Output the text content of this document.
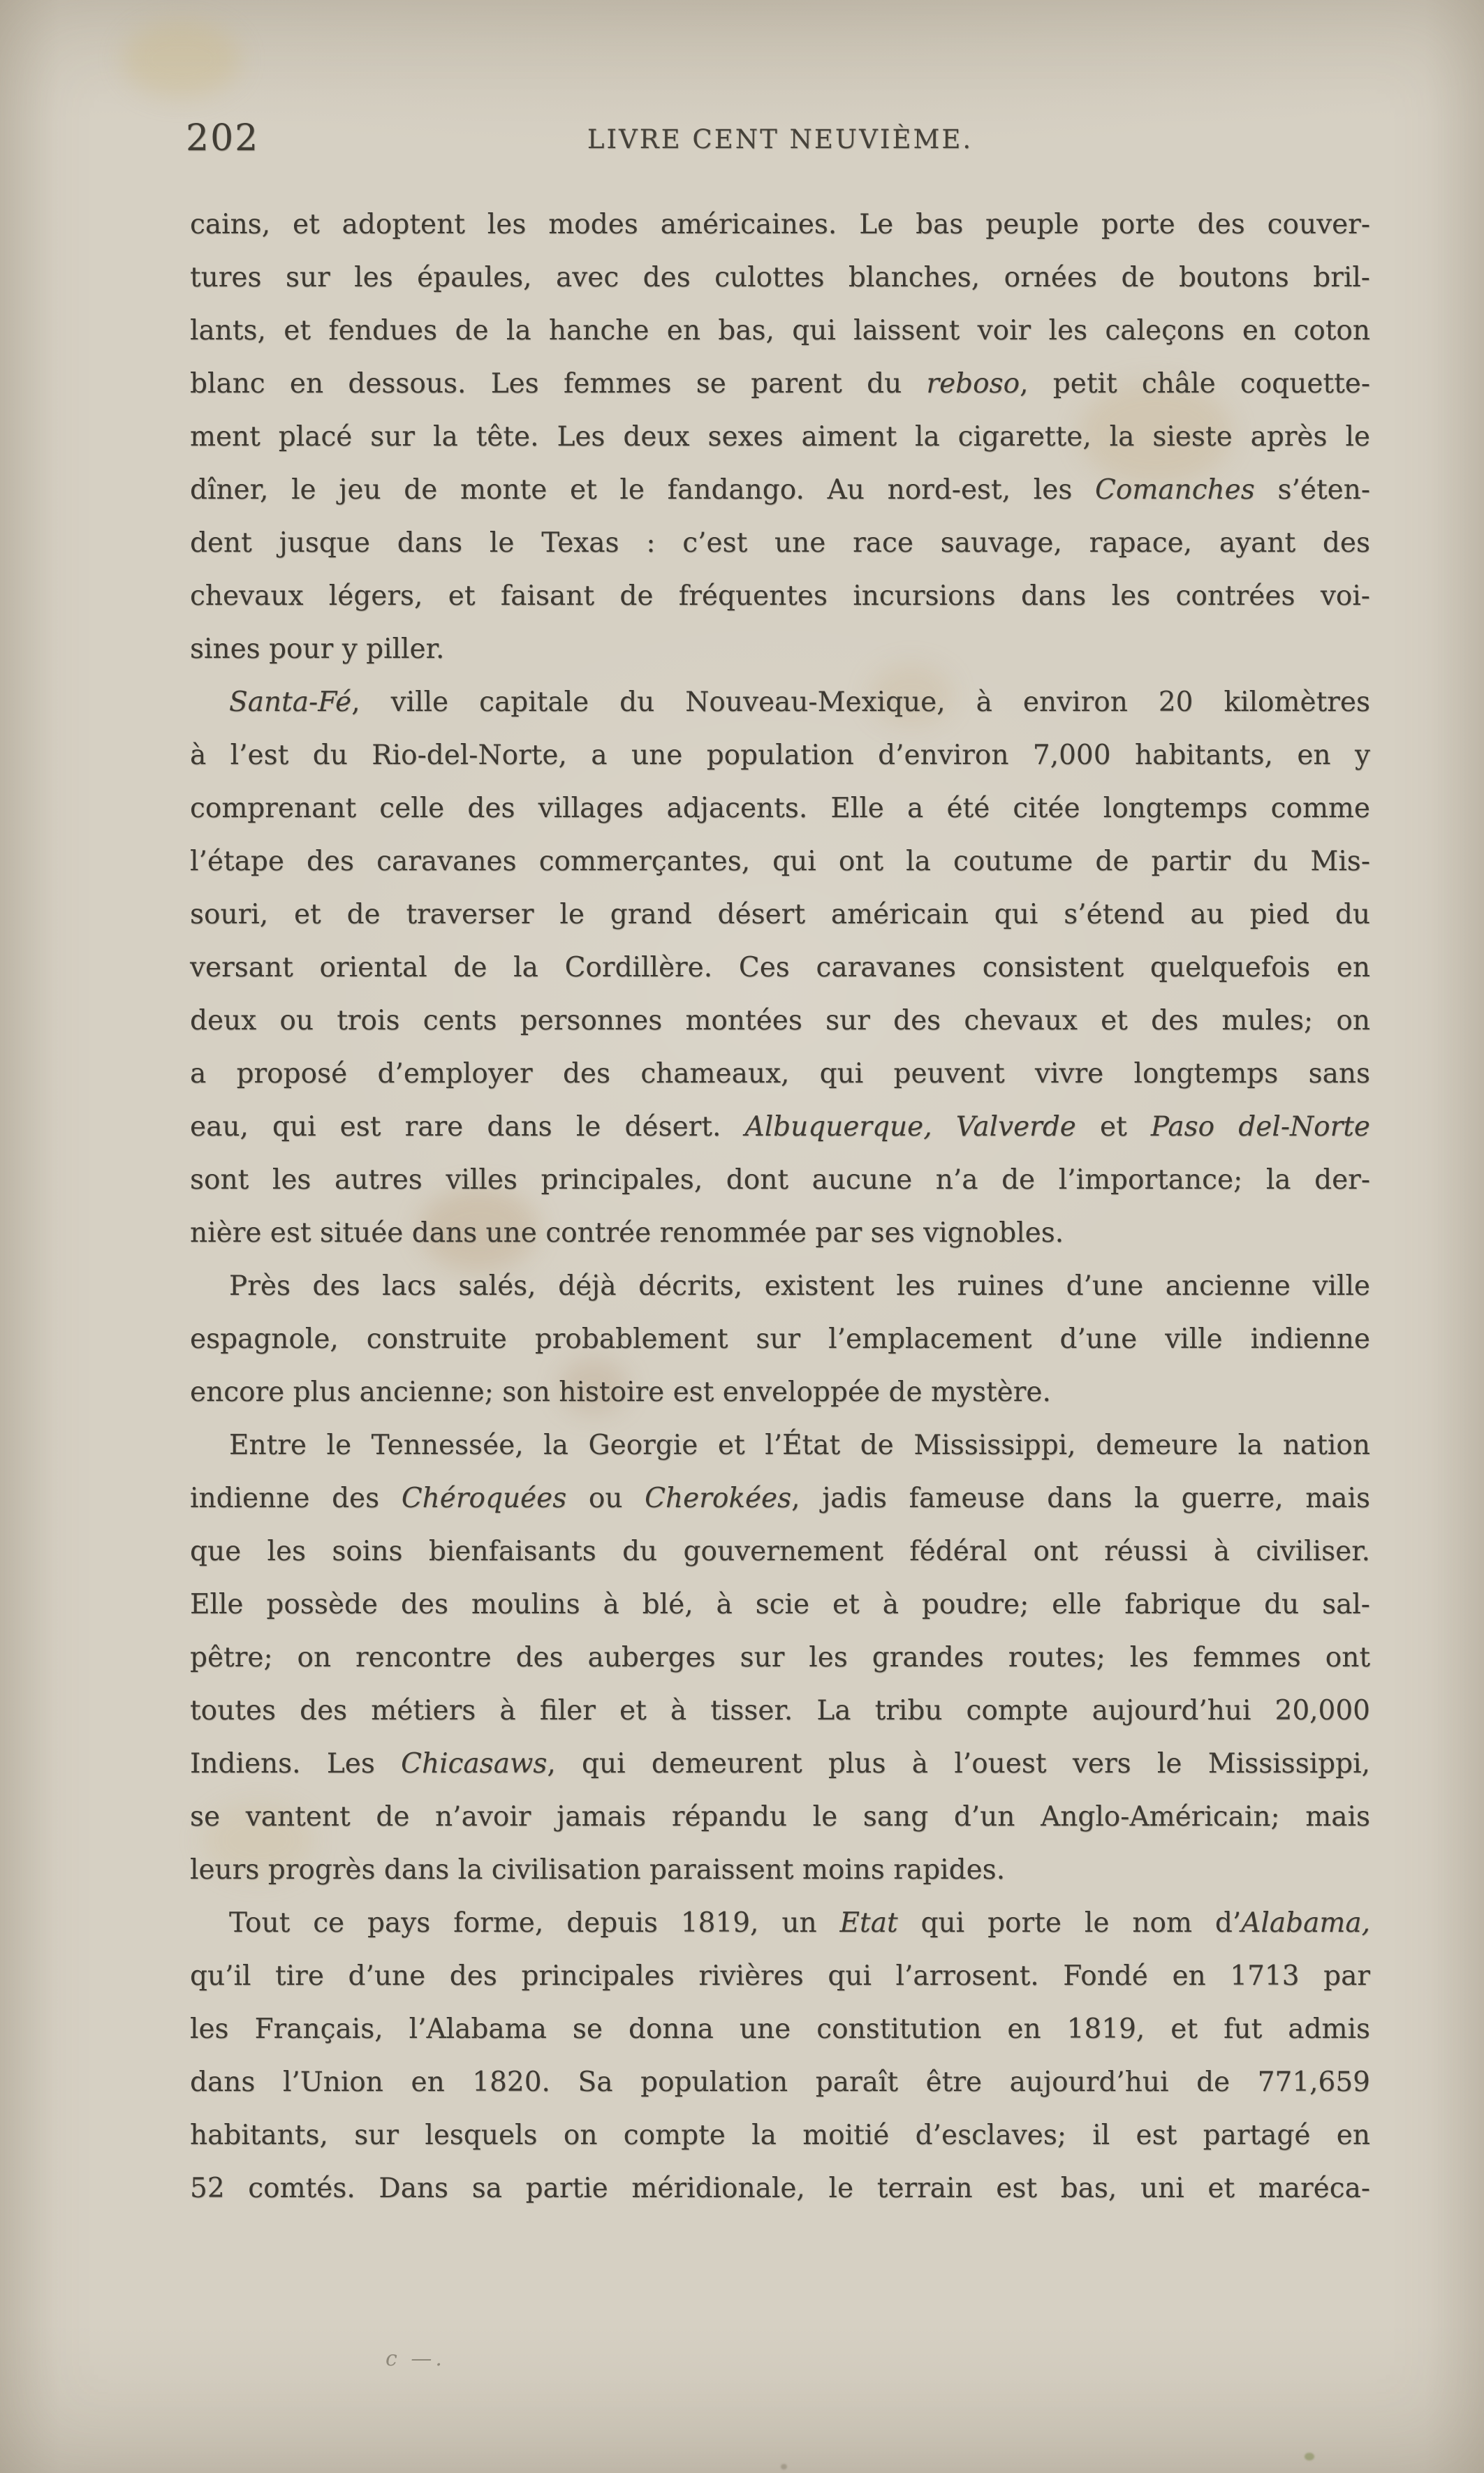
202	LIVRE CENT NEUVIÈME.
cains, et adoptent les modes américaines. Le bas peuple porte des couver-
tures sur les épaules, avec des culottes blanches, ornées de boutons bril-
lants, et fendues de la hanche en bas, qui laissent voir les caleçons en coton
blanc en dessous. Les femmes se parent du reboso, petit châle coquette-
ment placé sur la tête. Les deux sexes aiment la cigarette, la sieste après le
dîner, le jeu de monte et le fandango. Au nord-est, les Comanches s’éten-
dent jusque dans le Texas : c’est une race sauvage, rapace, ayant des
chevaux légers, et faisant de fréquentes incursions dans les contrées voi-
sines pour y piller.
Santa-Fé, ville capitale du Nouveau-Mexique, à environ 20 kilomètres
à l’est du Rio-del-Norte, a une population d’environ 7,000 habitants, en y
comprenant celle des villages adjacents. Elle a été citée longtemps comme
l’étape des caravanes commerçantes, qui ont la coutume de partir du Mis-
souri, et de traverser le grand désert américain qui s’étend au pied du
versant oriental de la Cordillère. Ces caravanes consistent quelquefois en
deux ou trois cents personnes montées sur des chevaux et des mules; on
a proposé d’employer des chameaux, qui peuvent vivre longtemps sans
eau, qui est rare dans le désert. Albuquerque, Valverde et Paso del-Norte
sont les autres villes principales, dont aucune n’a de l’importance; la der-
nière est située dans une contrée renommée par ses vignobles.
Près des lacs salés, déjà décrits, existent les ruines d’une ancienne ville
espagnole, construite probablement sur l’emplacement d’une ville indienne
encore plus ancienne; son histoire est enveloppée de mystère.
Entre le Tennessée, la Georgie et l’État de Mississippi, demeure la nation
indienne des Chéroquées ou Cherokées, jadis fameuse dans la guerre, mais
que les soins bienfaisants du gouvernement fédéral ont réussi à civiliser.
Elle possède des moulins à blé, à scie et à poudre; elle fabrique du sal-
pêtre; on rencontre des auberges sur les grandes routes; les femmes ont
toutes des métiers à filer et à tisser. La tribu compte aujourd’hui 20,000
Indiens. Les Chicasaws, qui demeurent plus à l’ouest vers le Mississippi,
se vantent de n’avoir jamais répandu le sang d’un Anglo-Américain; mais
leurs progrès dans la civilisation paraissent moins rapides.
Tout ce pays forme, depuis 1819, un Etat qui porte le nom d’Alabama,
qu’il tire d’une des principales rivières qui l’arrosent. Fondé en 1713 par
les Français, l’Alabama se donna une constitution en 1819, et fut admis
dans l’Union en 1820. Sa population paraît être aujourd’hui de 771,659
habitants, sur lesquels on compte la moitié d’esclaves; il est partagé en
52 comtés. Dans sa partie méridionale, le terrain est bas, uni et maréca-
c —.
